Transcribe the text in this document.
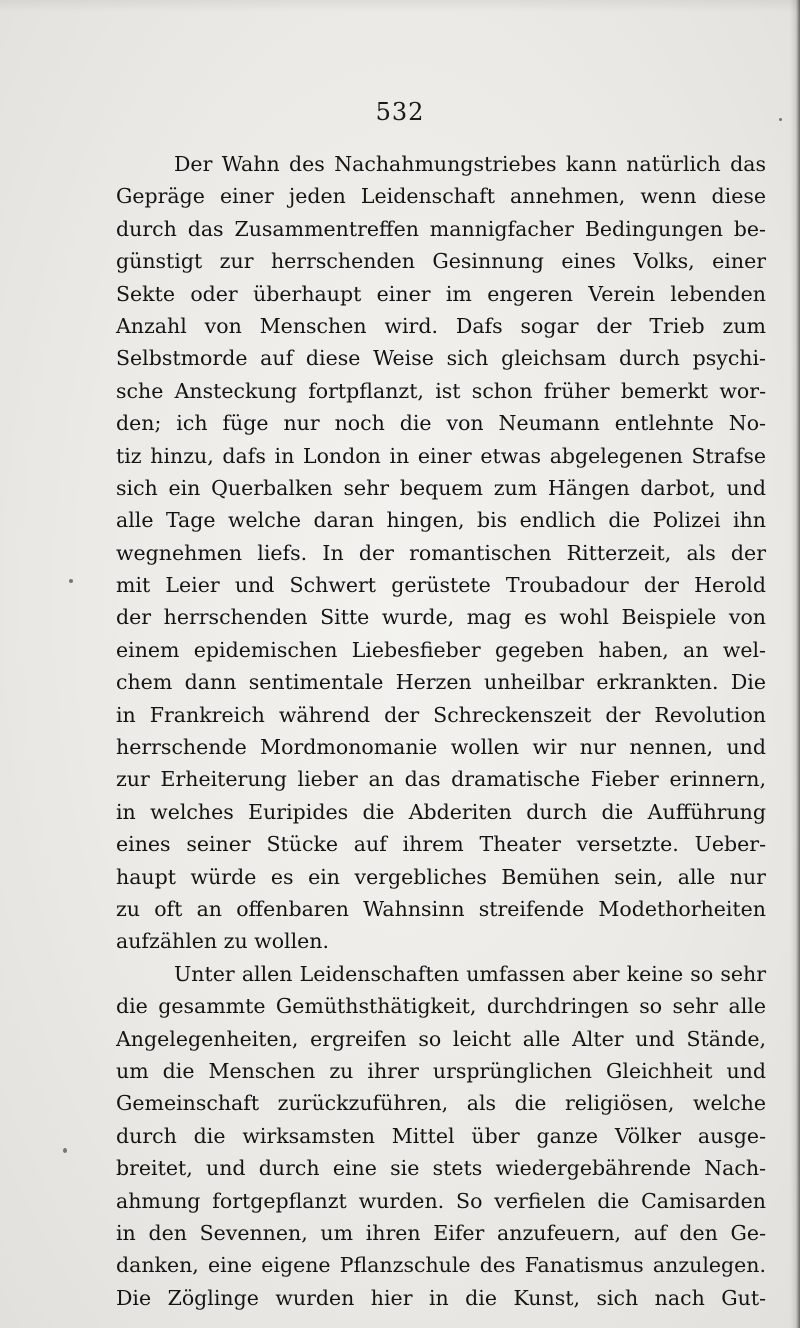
532
Der Wahn des Nachahmungstriebes kann natürlich das
Gepräge einer jeden Leidenschaft annehmen, wenn diese
durch das Zusammentreffen mannigfacher Bedingungen be-
günstigt zur herrschenden Gesinnung eines Volks, einer
Sekte oder überhaupt einer im engeren Verein lebenden
Anzahl von Menschen wird. Dafs sogar der Trieb zum
Selbstmorde auf diese Weise sich gleichsam durch psychi-
sche Ansteckung fortpflanzt, ist schon früher bemerkt wor-
den; ich füge nur noch die von Neumann entlehnte No-
tiz hinzu, dafs in London in einer etwas abgelegenen Strafse
sich ein Querbalken sehr bequem zum Hängen darbot, und
alle Tage welche daran hingen, bis endlich die Polizei ihn
wegnehmen liefs. In der romantischen Ritterzeit, als der
mit Leier und Schwert gerüstete Troubadour der Herold
der herrschenden Sitte wurde, mag es wohl Beispiele von
einem epidemischen Liebesfieber gegeben haben, an wel-
chem dann sentimentale Herzen unheilbar erkrankten. Die
in Frankreich während der Schreckenszeit der Revolution
herrschende Mordmonomanie wollen wir nur nennen, und
zur Erheiterung lieber an das dramatische Fieber erinnern,
in welches Euripides die Abderiten durch die Aufführung
eines seiner Stücke auf ihrem Theater versetzte. Ueber-
haupt würde es ein vergebliches Bemühen sein, alle nur
zu oft an offenbaren Wahnsinn streifende Modethorheiten
aufzählen zu wollen.
Unter allen Leidenschaften umfassen aber keine so sehr
die gesammte Gemüthsthätigkeit, durchdringen so sehr alle
Angelegenheiten, ergreifen so leicht alle Alter und Stände,
um die Menschen zu ihrer ursprünglichen Gleichheit und
Gemeinschaft zurückzuführen, als die religiösen, welche
durch die wirksamsten Mittel über ganze Völker ausge-
breitet, und durch eine sie stets wiedergebährende Nach-
ahmung fortgepflanzt wurden. So verfielen die Camisarden
in den Sevennen, um ihren Eifer anzufeuern, auf den Ge-
danken, eine eigene Pflanzschule des Fanatismus anzulegen.
Die Zöglinge wurden hier in die Kunst, sich nach Gut-
